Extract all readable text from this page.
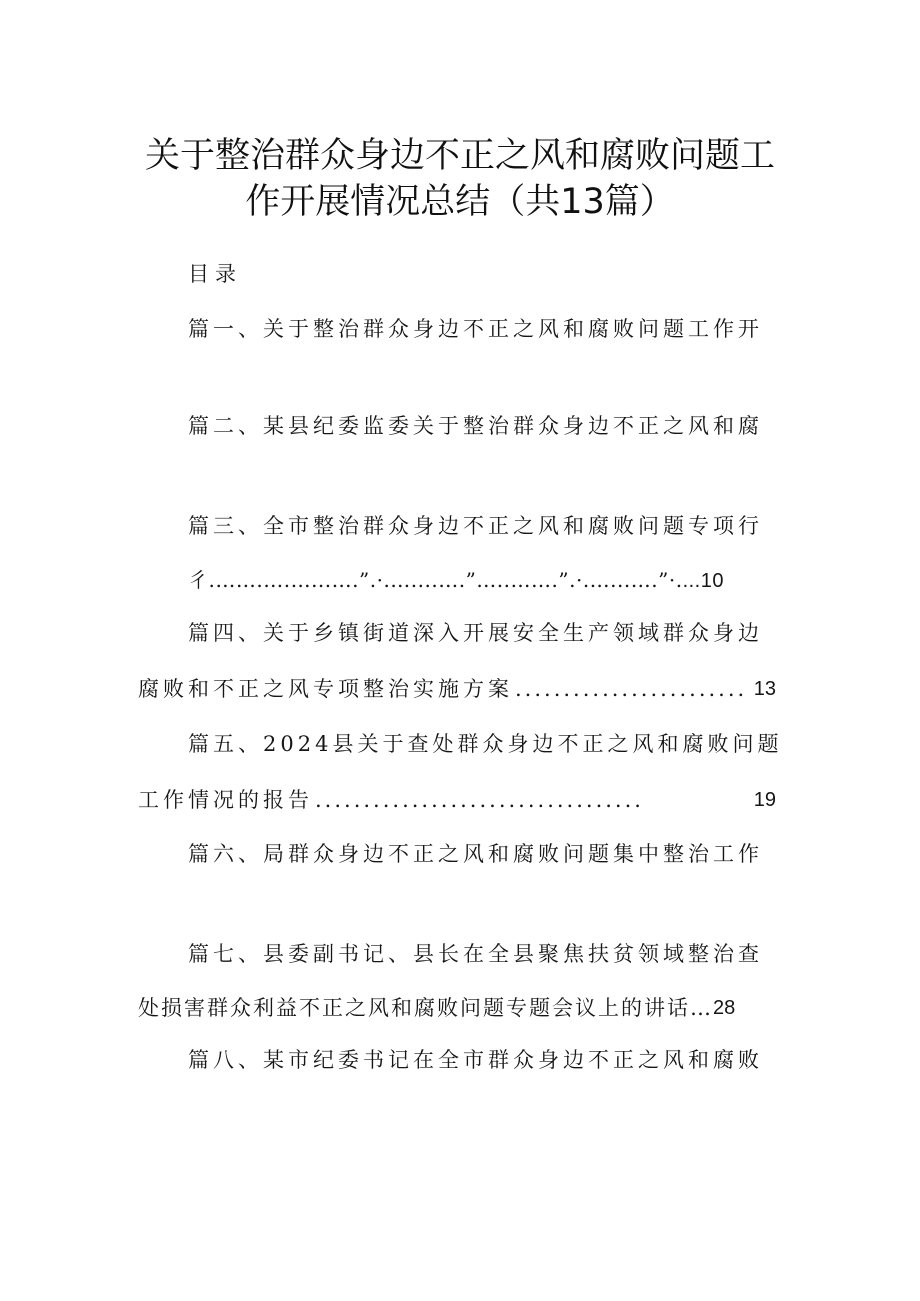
关于整治群众身边不正之风和腐败问题工
作开展情况总结（共13篇）
目录
篇一、关于整治群众身边不正之风和腐败问题工作开
篇二、某县纪委监委关于整治群众身边不正之风和腐
篇三、全市整治群众身边不正之风和腐败问题专项行
彳.…….….…...….”.·.…....….”…..…….”.·.…...….”·....10
篇四、关于乡镇街道深入开展安全生产领域群众身边
腐败和不正之风专项整治实施方案 ........................ 13
篇五、2024县关于查处群众身边不正之风和腐败问题
工作情况的报告 ..................................	19
篇六、局群众身边不正之风和腐败问题集中整治工作
篇七、县委副书记、县长在全县聚焦扶贫领域整治查
处损害群众利益不正之风和腐败问题专题会议上的讲话… 28
篇八、某市纪委书记在全市群众身边不正之风和腐败
